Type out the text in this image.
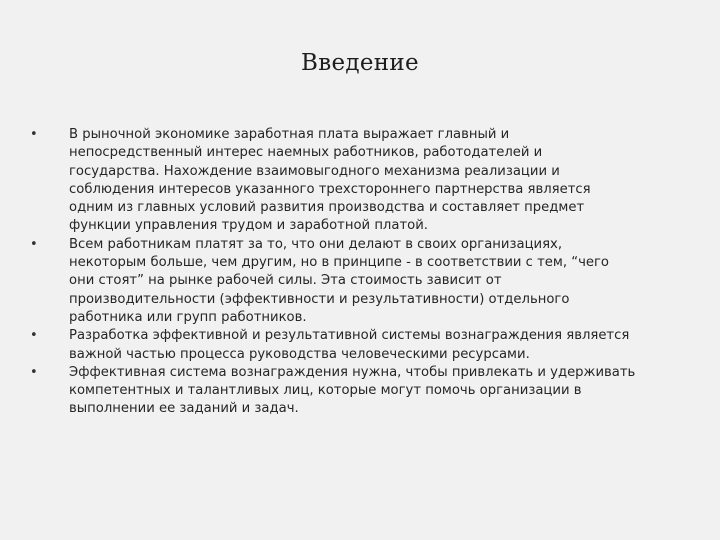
Введение
•	В рыночной экономике заработная плата выражает главный и
непосредственный интерес наемных работников, работодателей и
государства. Нахождение взаимовыгодного механизма реализации и
соблюдения интересов указанного трехстороннего партнерства является
одним из главных условий развития производства и составляет предмет
функции управления трудом и заработной платой.
•	Всем работникам платят за то, что они делают в своих организациях,
некоторым больше, чем другим, но в принципе - в соответствии с тем, “чего
они стоят” на рынке рабочей силы. Эта стоимость зависит от
производительности (эффективности и результативности) отдельного
работника или групп работников.
•	Разработка эффективной и результативной системы вознаграждения является
важной частью процесса руководства человеческими ресурсами.
•	Эффективная система вознаграждения нужна, чтобы привлекать и удерживать
компетентных и талантливых лиц, которые могут помочь организации в
выполнении ее заданий и задач.
